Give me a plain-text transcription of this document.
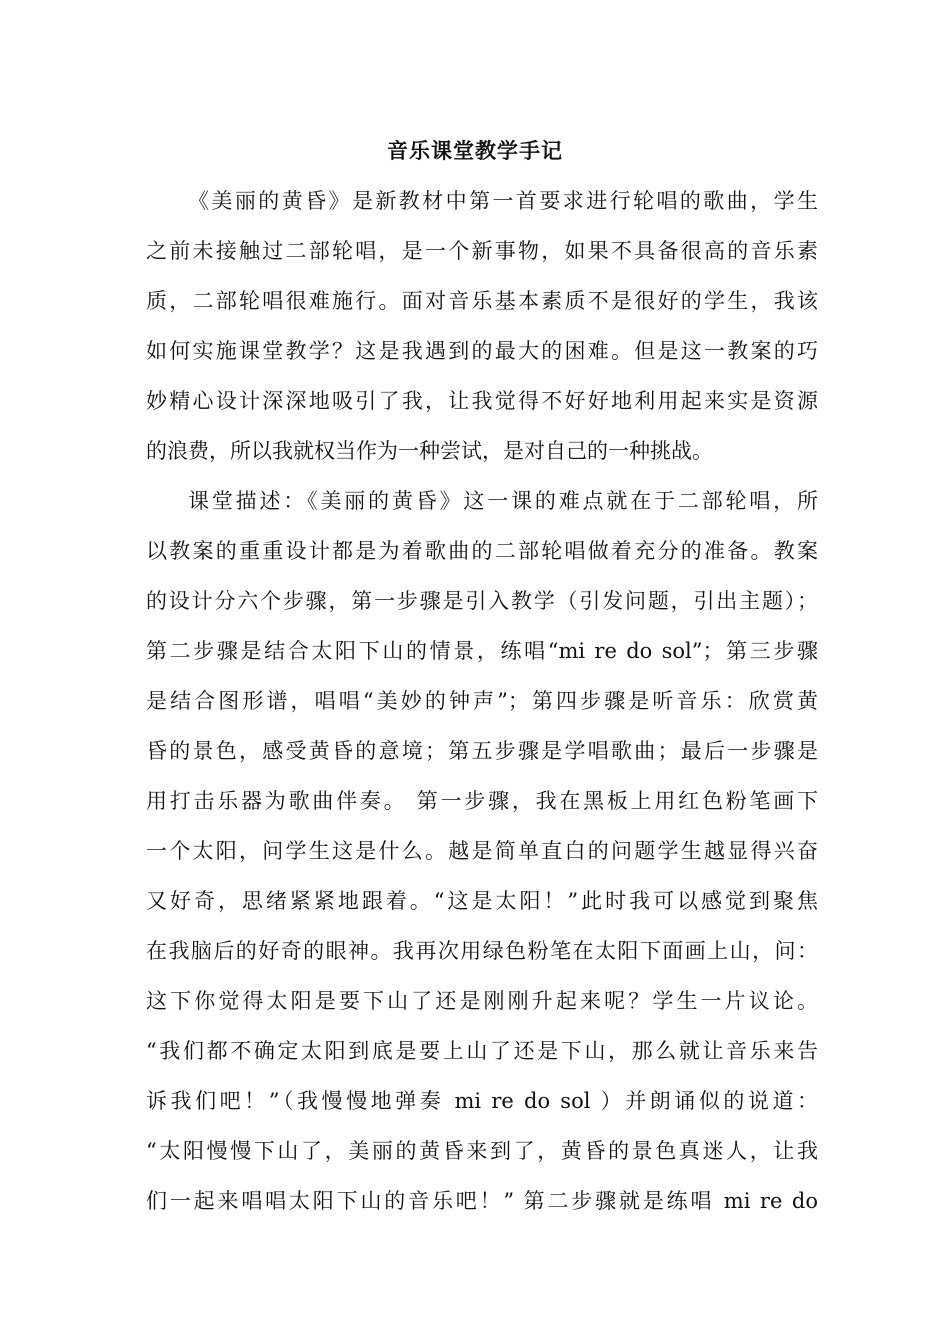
音乐课堂教学手记
《美丽的黄昏》是新教材中第一首要求进行轮唱的歌曲，学生
之前未接触过二部轮唱，是一个新事物，如果不具备很高的音乐素
质，二部轮唱很难施行。面对音乐基本素质不是很好的学生，我该
如何实施课堂教学？这是我遇到的最大的困难。但是这一教案的巧
妙精心设计深深地吸引了我，让我觉得不好好地利用起来实是资源
的浪费，所以我就权当作为一种尝试，是对自己的一种挑战。
课堂描述：《美丽的黄昏》这一课的难点就在于二部轮唱，所
以教案的重重设计都是为着歌曲的二部轮唱做着充分的准备。教案
的设计分六个步骤，第一步骤是引入教学（引发问题，引出主题）；
第二步骤是结合太阳下山的情景，练唱“mi re do sol”；第三步骤
是结合图形谱，唱唱“美妙的钟声”；第四步骤是听音乐：欣赏黄
昏的景色，感受黄昏的意境；第五步骤是学唱歌曲；最后一步骤是
用打击乐器为歌曲伴奏。 第一步骤，我在黑板上用红色粉笔画下
一个太阳，问学生这是什么。越是简单直白的问题学生越显得兴奋
又好奇，思绪紧紧地跟着。“这是太阳！”此时我可以感觉到聚焦
在我脑后的好奇的眼神。我再次用绿色粉笔在太阳下面画上山，问：
这下你觉得太阳是要下山了还是刚刚升起来呢？学生一片议论。
“我们都不确定太阳到底是要上山了还是下山，那么就让音乐来告
诉我们吧！”（我慢慢地弹奏 mi re do sol ）并朗诵似的说道：
“太阳慢慢下山了，美丽的黄昏来到了，黄昏的景色真迷人，让我
们一起来唱唱太阳下山的音乐吧！” 第二步骤就是练唱 mi re do
